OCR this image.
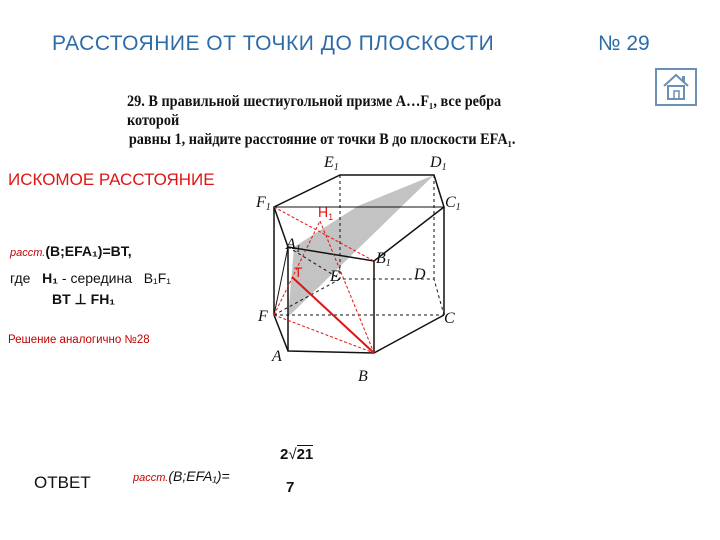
РАССТОЯНИЕ ОТ ТОЧКИ ДО ПЛОСКОСТИ	№ 29
29. В правильной шестиугольной призме A…F₁, все ребра которой
равны 1, найдите расстояние от точки B до плоскости EFA₁.
ИСКОМОЕ РАССТОЯНИЕ
расст.(B;EFA₁)=BT,
где H₁ - середина B₁F₁
BT ⊥ FH₁
Решение аналогично №28
ОТВЕТ	расст.(B;EFA₁)=
2√21
7
E1	D1
F1	C1
A1
B1
E	D
F	C
A
B
$H_1$
T
